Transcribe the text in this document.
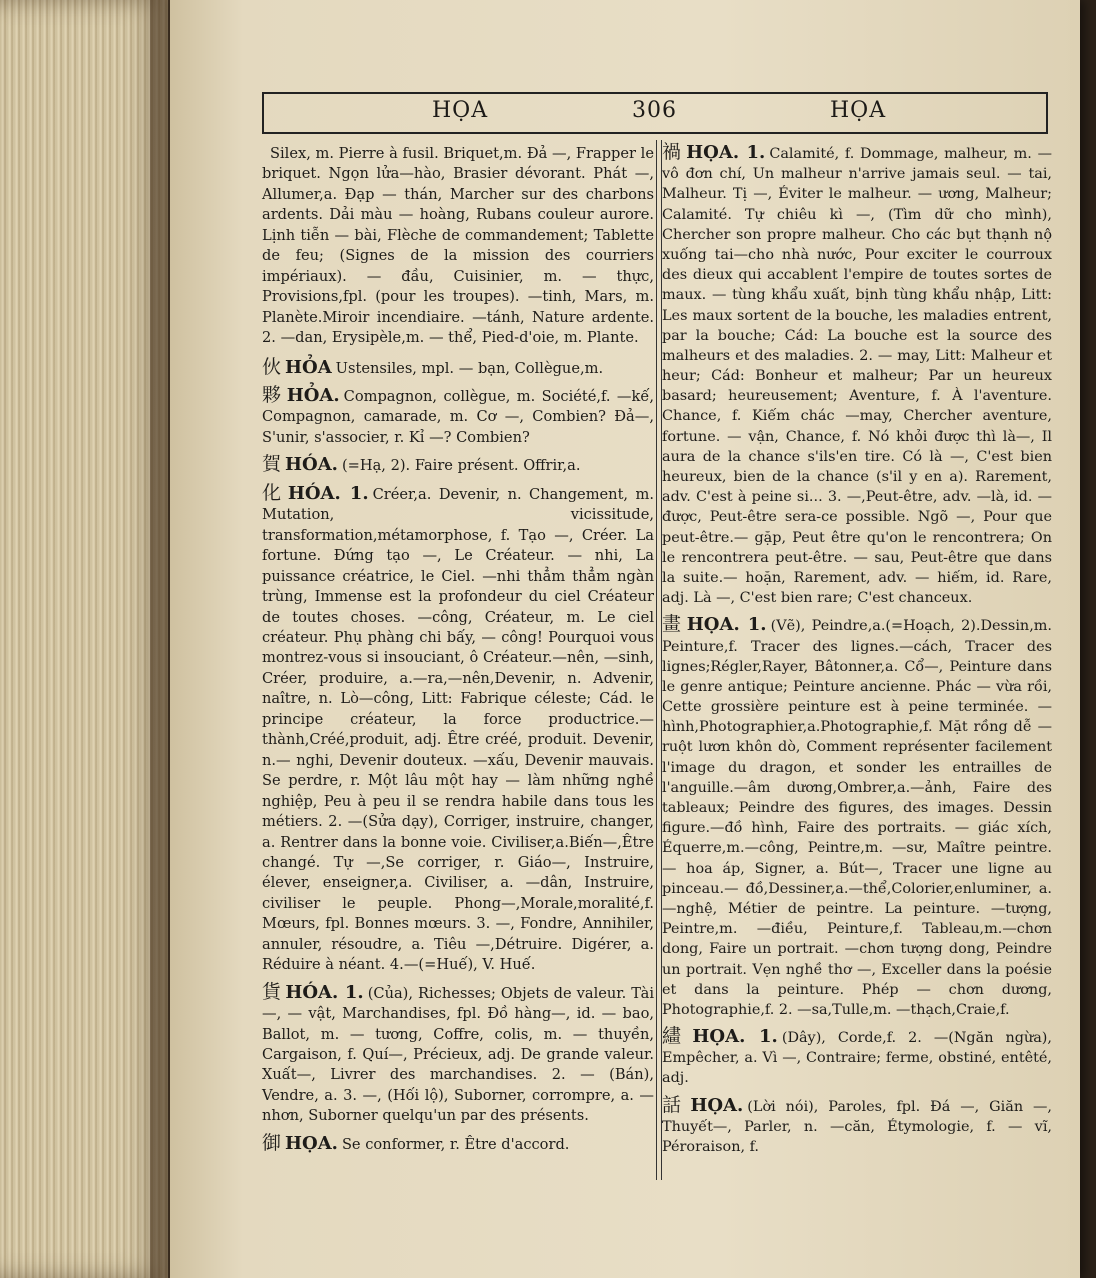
HỌA	306	HỌA
Silex, m. Pierre à fusil. Briquet,m. Đả —, Frapper le briquet. Ngọn lửa—hào, Brasier dévorant. Phát —, Allumer,a. Đạp — thán, Marcher sur des charbons ardents. Dải màu — hoàng, Rubans couleur aurore. Lịnh tiễn — bài, Flèche de commandement; Tablette de feu; (Signes de la mission des courriers impériaux). — đầu, Cuisinier, m. — thực, Provisions,fpl. (pour les troupes). —tinh, Mars, m. Planète.Miroir incendiaire. —tánh, Nature ardente. 2. —dan, Erysipèle,m. — thể, Pied-d'oie, m. Plante.
伙 HỎA Ustensiles, mpl. — bạn, Collègue,m.
夥 HỎA. Compagnon, collègue, m. Société,f. —kế, Compagnon, camarade, m. Cơ —, Combien? Đả—, S'unir, s'associer, r. Kỉ —? Combien?
賀 HÓA. (=Hạ, 2). Faire présent. Offrir,a.
化 HÓA. 1. Créer,a. Devenir, n. Changement, m. Mutation, vicissitude, transformation,métamorphose, f. Tạo —, Créer. La fortune. Đứng tạo —, Le Créateur. — nhi, La puissance créatrice, le Ciel. —nhi thẳm thẳm ngàn trùng, Immense est la profondeur du ciel Créateur de toutes choses. —công, Créateur, m. Le ciel créateur. Phụ phàng chi bấy, — công! Pourquoi vous montrez-vous si insouciant, ô Créateur.—nên, —sinh, Créer, produire, a.—ra,—nên,Devenir, n. Advenir, naître, n. Lò—công, Litt: Fabrique céleste; Cád. le principe créateur, la force productrice.—thành,Créé,produit, adj. Être créé, produit. Devenir, n.— nghi, Devenir douteux. —xấu, Devenir mauvais. Se perdre, r. Một lâu một hay — làm những nghề nghiệp, Peu à peu il se rendra habile dans tous les métiers. 2. —(Sửa dạy), Corriger, instruire, changer, a. Rentrer dans la bonne voie. Civiliser,a.Biến—,Être changé. Tự —,Se corriger, r. Giáo—, Instruire, élever, enseigner,a. Civiliser, a. —dân, Instruire, civiliser le peuple. Phong—,Morale,moralité,f. Mœurs, fpl. Bonnes mœurs. 3. —, Fondre, Annihiler, annuler, résoudre, a. Tiêu —,Détruire. Digérer, a. Réduire à néant. 4.—(=Huế), V. Huế.
貨 HÓA. 1. (Của), Richesses; Objets de valeur. Tài—, — vật, Marchandises, fpl. Đồ hàng—, id. — bao, Ballot, m. — tương, Coffre, colis, m. — thuyền, Cargaison, f. Quí—, Précieux, adj. De grande valeur. Xuất—, Livrer des marchandises. 2. — (Bán), Vendre, a. 3. —, (Hối lộ), Suborner, corrompre, a. — nhơn, Suborner quelqu'un par des présents.
御 HỌA. Se conformer, r. Être d'accord.
禍 HỌA. 1. Calamité, f. Dommage, malheur, m. — vô đơn chí, Un malheur n'arrive jamais seul. — tai, Malheur. Tị —, Éviter le malheur. — ương, Malheur; Calamité. Tự chiêu kì —, (Tìm dữ cho mình), Chercher son propre malheur. Cho các bụt thạnh nộ xuống tai—cho nhà nước, Pour exciter le courroux des dieux qui accablent l'empire de toutes sortes de maux. — tùng khẩu xuất, bịnh tùng khẩu nhập, Litt: Les maux sortent de la bouche, les maladies entrent, par la bouche; Cád: La bouche est la source des malheurs et des maladies. 2. — may, Litt: Malheur et heur; Cád: Bonheur et malheur; Par un heureux basard; heureusement; Aventure, f. À l'aventure. Chance, f. Kiếm chác —may, Chercher aventure, fortune. — vận, Chance, f. Nó khỏi được thì là—, Il aura de la chance s'ils'en tire. Có là —, C'est bien heureux, bien de la chance (s'il y en a). Rarement, adv. C'est à peine si... 3. —,Peut-être, adv. —là, id. — được, Peut-être sera-ce possible. Ngõ —, Pour que peut-être.— gặp, Peut être qu'on le rencontrera; On le rencontrera peut-être. — sau, Peut-être que dans la suite.— hoặn, Rarement, adv. — hiếm, id. Rare, adj. Là —, C'est bien rare; C'est chanceux.
畫 HỌA. 1. (Vẽ), Peindre,a.(=Hoạch, 2).Dessin,m. Peinture,f. Tracer des lignes.—cách, Tracer des lignes;Régler,Rayer, Bâtonner,a. Cổ—, Peinture dans le genre antique; Peinture ancienne. Phác — vừa rồi, Cette grossière peinture est à peine terminée. —hình,Photographier,a.Photographie,f. Mặt rồng dễ —ruột lươn khôn dò, Comment représenter facilement l'image du dragon, et sonder les entrailles de l'anguille.—âm dương,Ombrer,a.—ảnh, Faire des tableaux; Peindre des figures, des images. Dessin figure.—đồ hình, Faire des portraits. — giác xích, Équerre,m.—công, Peintre,m. —sư, Maître peintre. — hoa áp, Signer, a. Bút—, Tracer une ligne au pinceau.— đồ,Dessiner,a.—thể,Colorier,enluminer, a. —nghệ, Métier de peintre. La peinture. —tượng, Peintre,m. —điều, Peinture,f. Tableau,m.—chơn dong, Faire un portrait. —chơn tượng dong, Peindre un portrait. Vẹn nghề thơ —, Exceller dans la poésie et dans la peinture. Phép — chơn dương, Photographie,f. 2. —sa,Tulle,m. —thạch,Craie,f.
繣 HỌA. 1. (Dây), Corde,f. 2. —(Ngăn ngừa), Empêcher, a. Vì —, Contraire; ferme, obstiné, entêté, adj.
話 HỌA. (Lời nói), Paroles, fpl. Đá —, Giăn —, Thuyết—, Parler, n. —căn, Étymologie, f. — vĩ, Péroraison, f.
